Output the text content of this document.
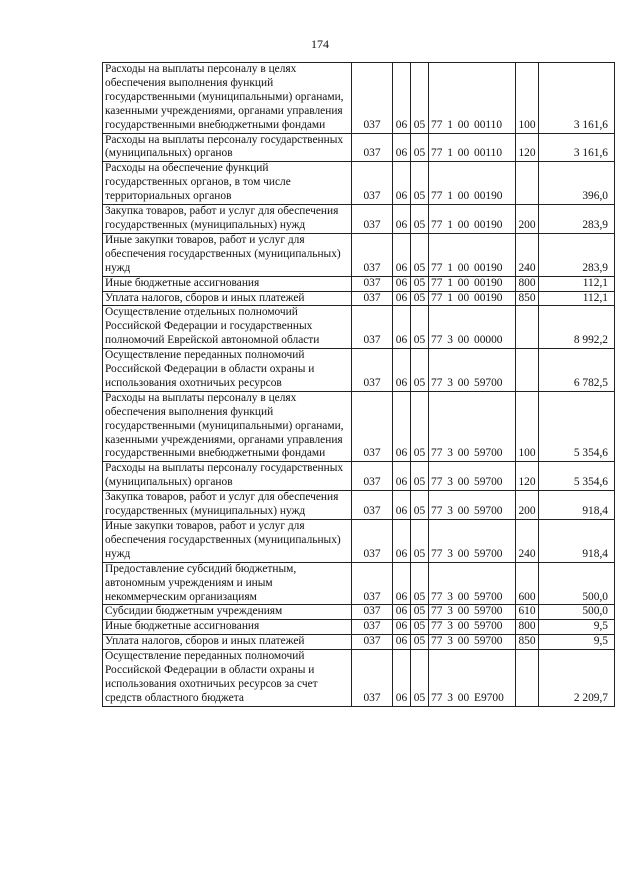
174
Расходы на выплаты персоналу в целях обеспечения выполнения функций государственными (муниципальными) органами, казенными учреждениями, органами управления государственными внебюджетными фондами	037	06	05	77 1 00 00110	100	3 161,6
Расходы на выплаты персоналу государственных (муниципальных) органов	037	06	05	77 1 00 00110	120	3 161,6
Расходы на обеспечение функций государственных органов, в том числе территориальных органов	037	06	05	77 1 00 00190		396,0
Закупка товаров, работ и услуг для обеспечения государственных (муниципальных) нужд	037	06	05	77 1 00 00190	200	283,9
Иные закупки товаров, работ и услуг для обеспечения государственных (муниципальных) нужд	037	06	05	77 1 00 00190	240	283,9
Иные бюджетные ассигнования	037	06	05	77 1 00 00190	800	112,1
Уплата налогов, сборов и иных платежей	037	06	05	77 1 00 00190	850	112,1
Осуществление отдельных полномочий Российской Федерации и государственных полномочий Еврейской автономной области	037	06	05	77 3 00 00000		8 992,2
Осуществление переданных полномочий Российской Федерации в области охраны и использования охотничьих ресурсов	037	06	05	77 3 00 59700		6 782,5
Расходы на выплаты персоналу в целях обеспечения выполнения функций государственными (муниципальными) органами, казенными учреждениями, органами управления государственными внебюджетными фондами	037	06	05	77 3 00 59700	100	5 354,6
Расходы на выплаты персоналу государственных (муниципальных) органов	037	06	05	77 3 00 59700	120	5 354,6
Закупка товаров, работ и услуг для обеспечения государственных (муниципальных) нужд	037	06	05	77 3 00 59700	200	918,4
Иные закупки товаров, работ и услуг для обеспечения государственных (муниципальных) нужд	037	06	05	77 3 00 59700	240	918,4
Предоставление субсидий бюджетным, автономным учреждениям и иным некоммерческим организациям	037	06	05	77 3 00 59700	600	500,0
Субсидии бюджетным учреждениям	037	06	05	77 3 00 59700	610	500,0
Иные бюджетные ассигнования	037	06	05	77 3 00 59700	800	9,5
Уплата налогов, сборов и иных платежей	037	06	05	77 3 00 59700	850	9,5
Осуществление переданных полномочий Российской Федерации в области охраны и использования охотничьих ресурсов за счет средств областного бюджета	037	06	05	77 3 00 E9700		2 209,7
